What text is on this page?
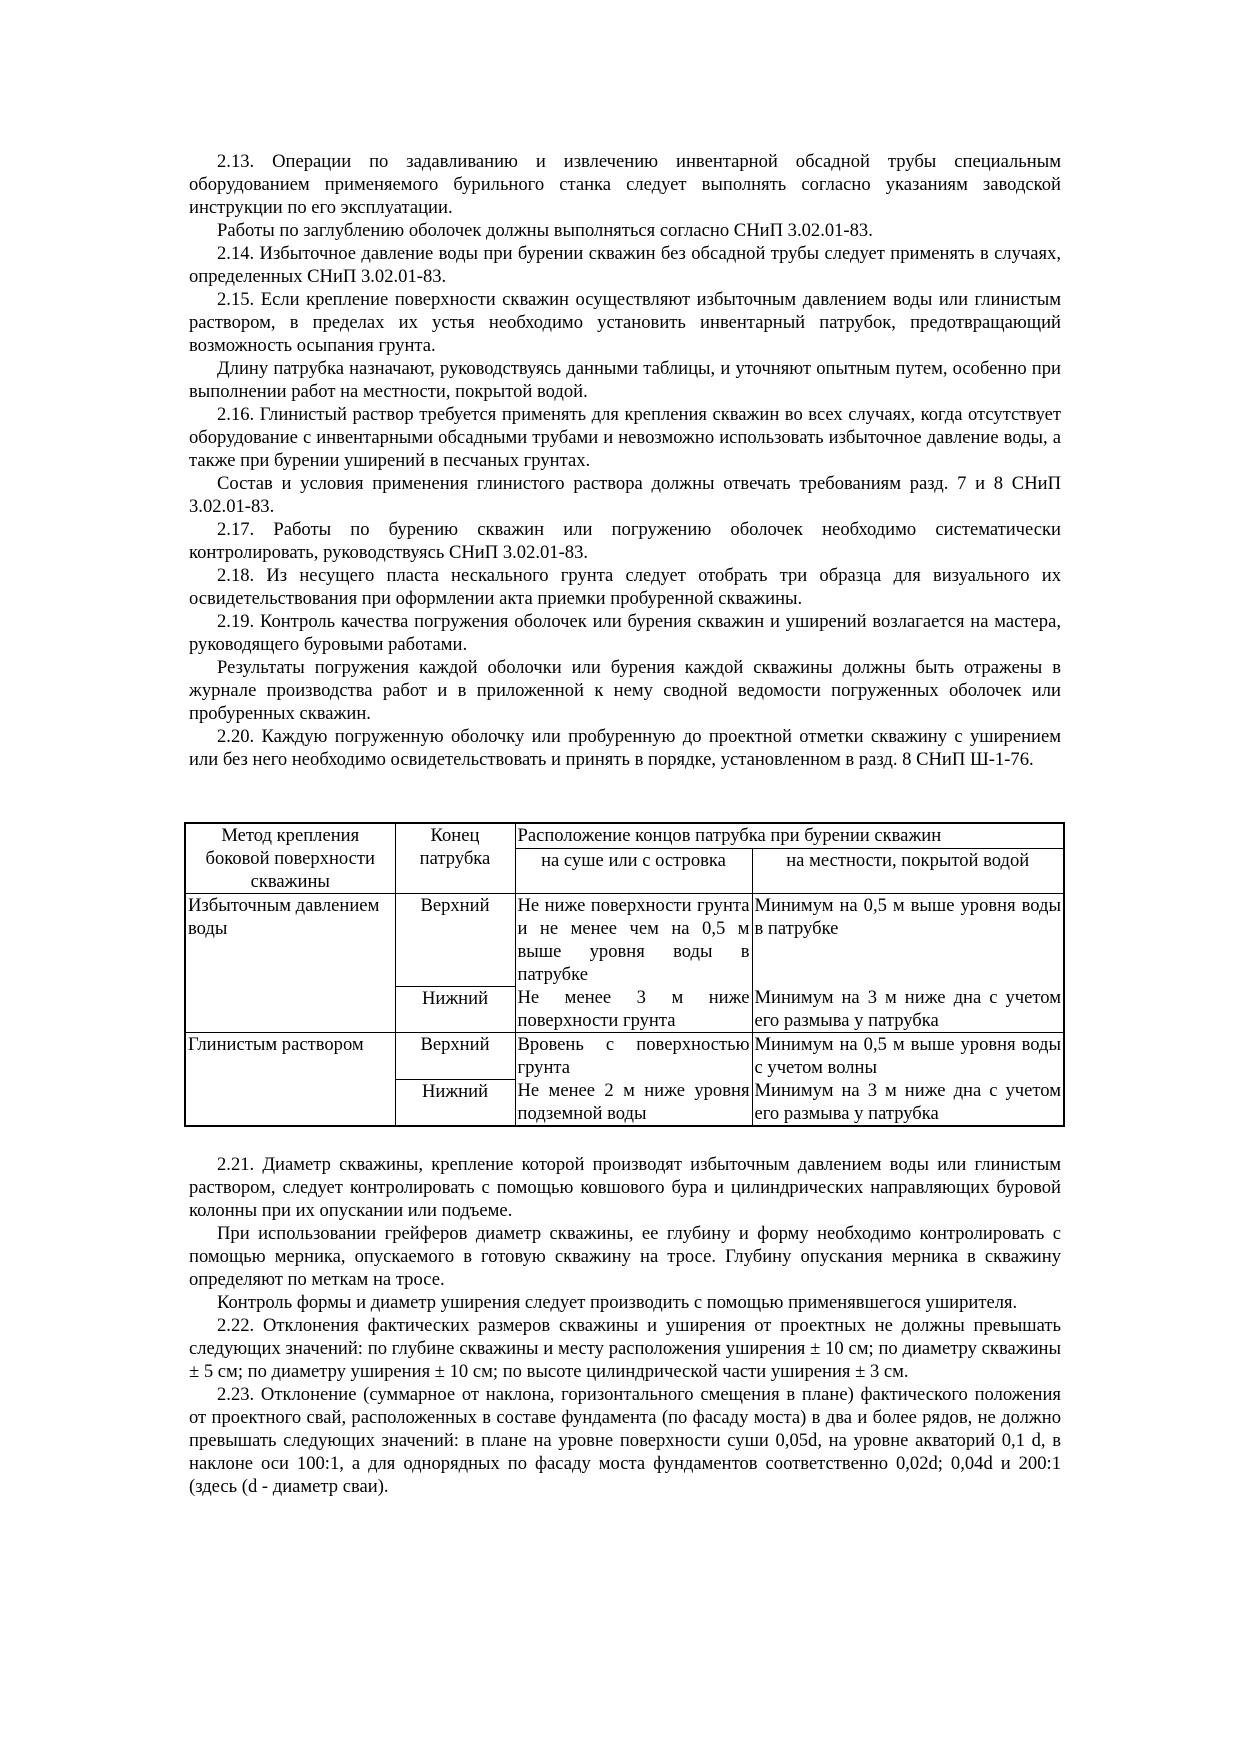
2.13. Операции по задавливанию и извлечению инвентарной обсадной трубы специальным оборудованием применяемого бурильного станка следует выполнять согласно указаниям заводской инструкции по его эксплуатации.

Работы по заглублению оболочек должны выполняться согласно СНиП 3.02.01-83.

2.14. Избыточное давление воды при бурении скважин без обсадной трубы следует применять в случаях, определенных СНиП 3.02.01-83.

2.15. Если крепление поверхности скважин осуществляют избыточным давлением воды или глинистым раствором, в пределах их устья необходимо установить инвентарный патрубок, предотвращающий возможность осыпания грунта.

Длину патрубка назначают, руководствуясь данными таблицы, и уточняют опытным путем, особенно при выполнении работ на местности, покрытой водой.

2.16. Глинистый раствор требуется применять для крепления скважин во всех случаях, когда отсутствует оборудование с инвентарными обсадными трубами и невозможно использовать избыточное давление воды, а также при бурении уширений в песчаных грунтах.

Состав и условия применения глинистого раствора должны отвечать требованиям разд. 7 и 8 СНиП 3.02.01-83.

2.17. Работы по бурению скважин или погружению оболочек необходимо систематически контролировать, руководствуясь СНиП 3.02.01-83.

2.18. Из несущего пласта нескального грунта следует отобрать три образца для визуального их освидетельствования при оформлении акта приемки пробуренной скважины.

2.19. Контроль качества погружения оболочек или бурения скважин и уширений возлагается на мастера, руководящего буровыми работами.

Результаты погружения каждой оболочки или бурения каждой скважины должны быть отражены в журнале производства работ и в приложенной к нему сводной ведомости погруженных оболочек или пробуренных скважин.

2.20. Каждую погруженную оболочку или пробуренную до проектной отметки скважину с уширением или без него необходимо освидетельствовать и принять в порядке, установленном в разд. 8 СНиП Ш-1-76.

Метод крепления боковой поверхности скважины	Конец патрубка	Расположение концов патрубка при бурении скважин	
		на суше или с островка	на местности, покрытой водой
Избыточным давлением воды	Верхний	Не ниже поверхности грунта и не менее чем на 0,5 м выше уровня воды в патрубке	Минимум на 0,5 м выше уровня воды в патрубке
	Нижний	Не менее 3 м ниже поверхности грунта	Минимум на 3 м ниже дна с учетом его размыва у патрубка
Глинистым раствором	Верхний	Вровень с поверхностью грунта	Минимум на 0,5 м выше уровня воды с учетом волны
	Нижний	Не менее 2 м ниже уровня подземной воды	Минимум на 3 м ниже дна с учетом его размыва у патрубка

2.21. Диаметр скважины, крепление которой производят избыточным давлением воды или глинистым раствором, следует контролировать с помощью ковшового бура и цилиндрических направляющих буровой колонны при их опускании или подъеме.

При использовании грейферов диаметр скважины, ее глубину и форму необходимо контролировать с помощью мерника, опускаемого в готовую скважину на тросе. Глубину опускания мерника в скважину определяют по меткам на тросе.

Контроль формы и диаметр уширения следует производить с помощью применявшегося уширителя.

2.22. Отклонения фактических размеров скважины и уширения от проектных не должны превышать следующих значений: по глубине скважины и месту расположения уширения ± 10 см; по диаметру скважины ± 5 см; по диаметру уширения ± 10 см; по высоте цилиндрической части уширения ± 3 см.

2.23. Отклонение (суммарное от наклона, горизонтального смещения в плане) фактического положения от проектного свай, расположенных в составе фундамента (по фасаду моста) в два и более рядов, не должно превышать следующих значений: в плане на уровне поверхности суши 0,05d, на уровне акваторий 0,1 d, в наклоне оси 100:1, а для однорядных по фасаду моста фундаментов соответственно 0,02d; 0,04d и 200:1 (здесь (d - диаметр сваи).
